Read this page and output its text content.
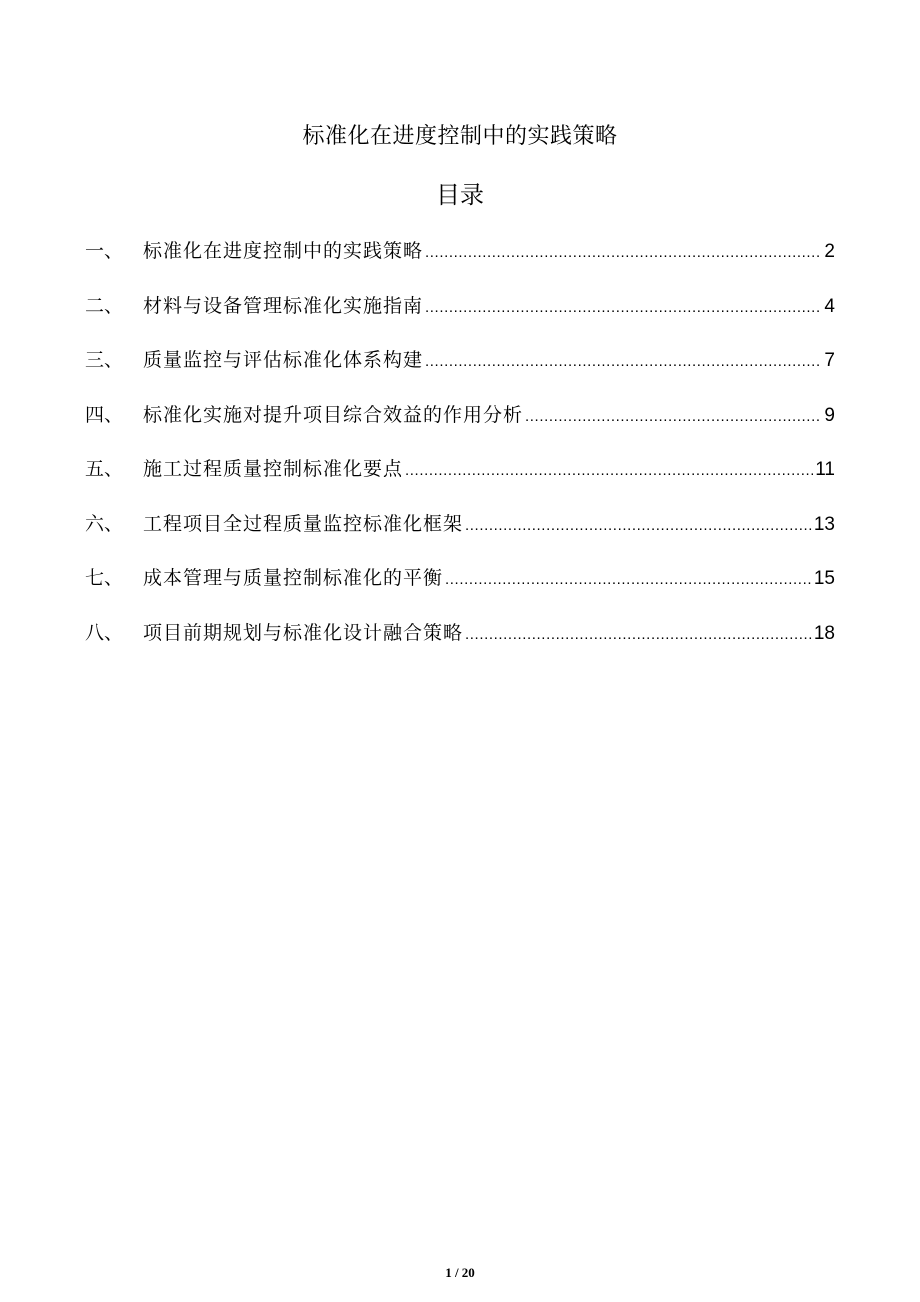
标准化在进度控制中的实践策略
目录
一、	标准化在进度控制中的实践策略 .....	2
二、	材料与设备管理标准化实施指南 .....	4
三、	质量监控与评估标准化体系构建 .....	7
四、	标准化实施对提升项目综合效益的作用分析 .....	9
五、	施工过程质量控制标准化要点 .....	11
六、	工程项目全过程质量监控标准化框架 .....	13
七、	成本管理与质量控制标准化的平衡 .....	15
八、	项目前期规划与标准化设计融合策略 .....	18
1 / 20
